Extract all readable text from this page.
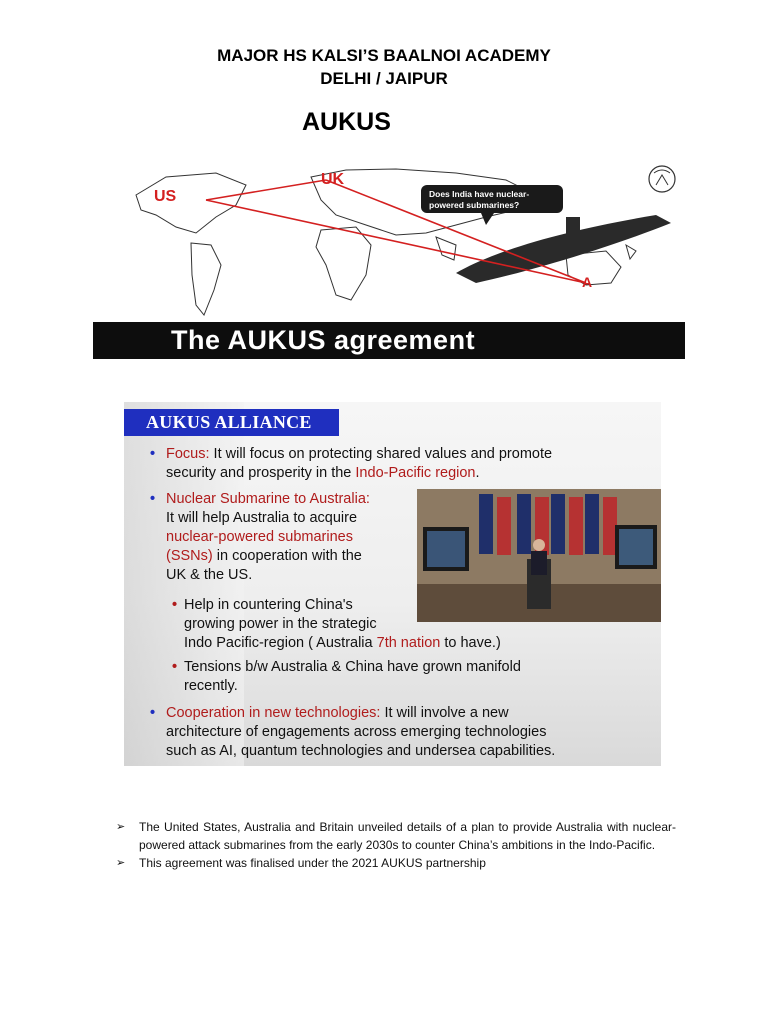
MAJOR HS KALSI’S BAALNOI ACADEMY
DELHI / JAIPUR
AUKUS
US
UK
A
Does India have nuclear-
powered submarines?
The AUKUS agreement
AUKUS ALLIANCE
• Focus: It will focus on protecting shared values and promote
security and prosperity in the Indo-Pacific region.
• Nuclear Submarine to Australia:
It will help Australia to acquire
nuclear-powered submarines
(SSNs) in cooperation with the
UK & the US.
• Help in countering China's
growing power in the strategic
Indo Pacific-region ( Australia 7th nation to have.)
• Tensions b/w Australia & China have grown manifold
recently.
• Cooperation in new technologies: It will involve a new
architecture of engagements across emerging technologies
such as AI, quantum technologies and undersea capabilities.
➢ The United States, Australia and Britain unveiled details of a plan to provide Australia with nuclear-powered attack submarines from the early 2030s to counter China’s ambitions in the Indo-Pacific.
➢ This agreement was finalised under the 2021 AUKUS partnership
